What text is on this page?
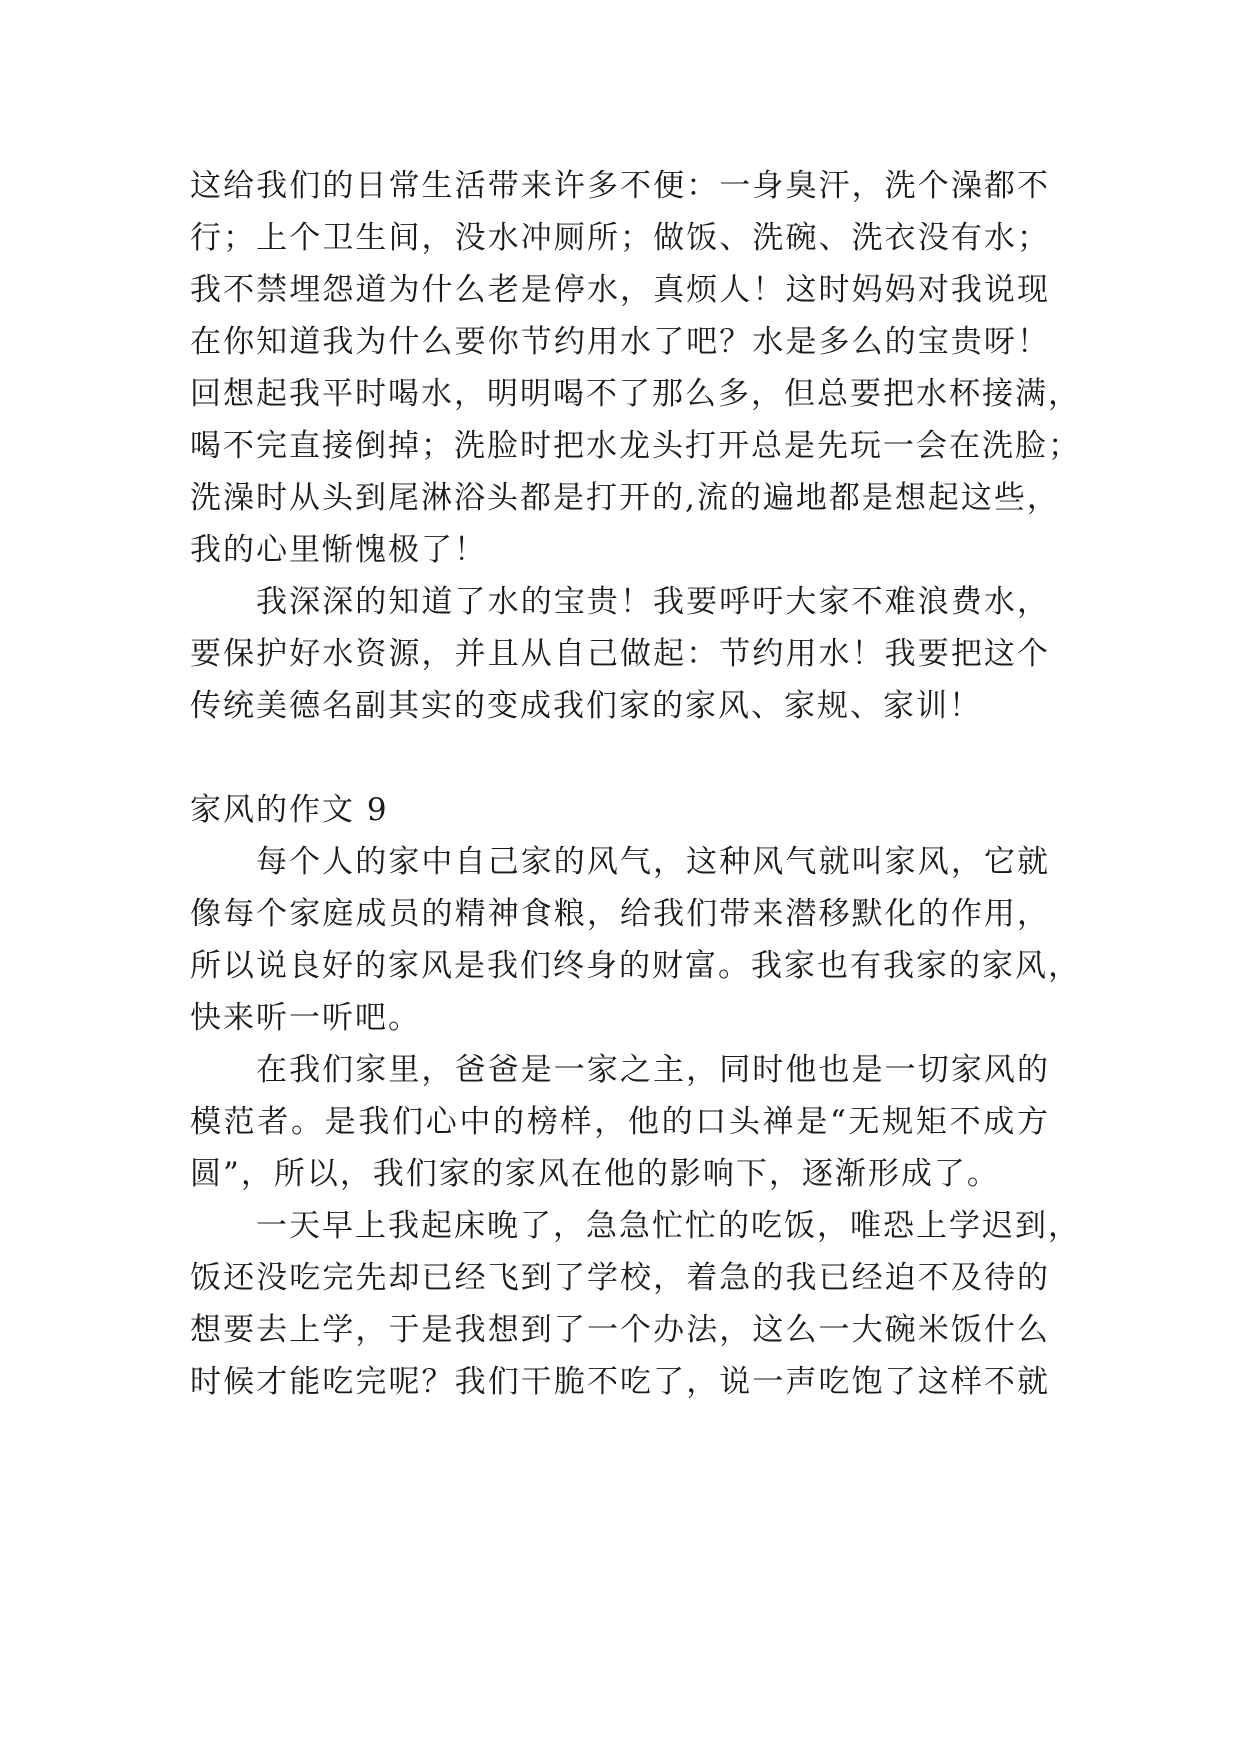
这给我们的日常生活带来许多不便：一身臭汗，洗个澡都不
行；上个卫生间，没水冲厕所；做饭、洗碗、洗衣没有水；
我不禁埋怨道为什么老是停水，真烦人！这时妈妈对我说现
在你知道我为什么要你节约用水了吧？水是多么的宝贵呀！
回想起我平时喝水，明明喝不了那么多，但总要把水杯接满，
喝不完直接倒掉；洗脸时把水龙头打开总是先玩一会在洗脸；
洗澡时从头到尾淋浴头都是打开的,流的遍地都是想起这些，
我的心里惭愧极了！
我深深的知道了水的宝贵！我要呼吁大家不难浪费水，
要保护好水资源，并且从自己做起：节约用水！我要把这个
传统美德名副其实的变成我们家的家风、家规、家训！
家风的作文 9
每个人的家中自己家的风气，这种风气就叫家风，它就
像每个家庭成员的精神食粮，给我们带来潜移默化的作用，
所以说良好的家风是我们终身的财富。我家也有我家的家风，
快来听一听吧。
在我们家里，爸爸是一家之主，同时他也是一切家风的
模范者。是我们心中的榜样，他的口头禅是“无规矩不成方
圆”，所以，我们家的家风在他的影响下，逐渐形成了。
一天早上我起床晚了，急急忙忙的吃饭，唯恐上学迟到，
饭还没吃完先却已经飞到了学校，着急的我已经迫不及待的
想要去上学，于是我想到了一个办法，这么一大碗米饭什么
时候才能吃完呢？我们干脆不吃了，说一声吃饱了这样不就
